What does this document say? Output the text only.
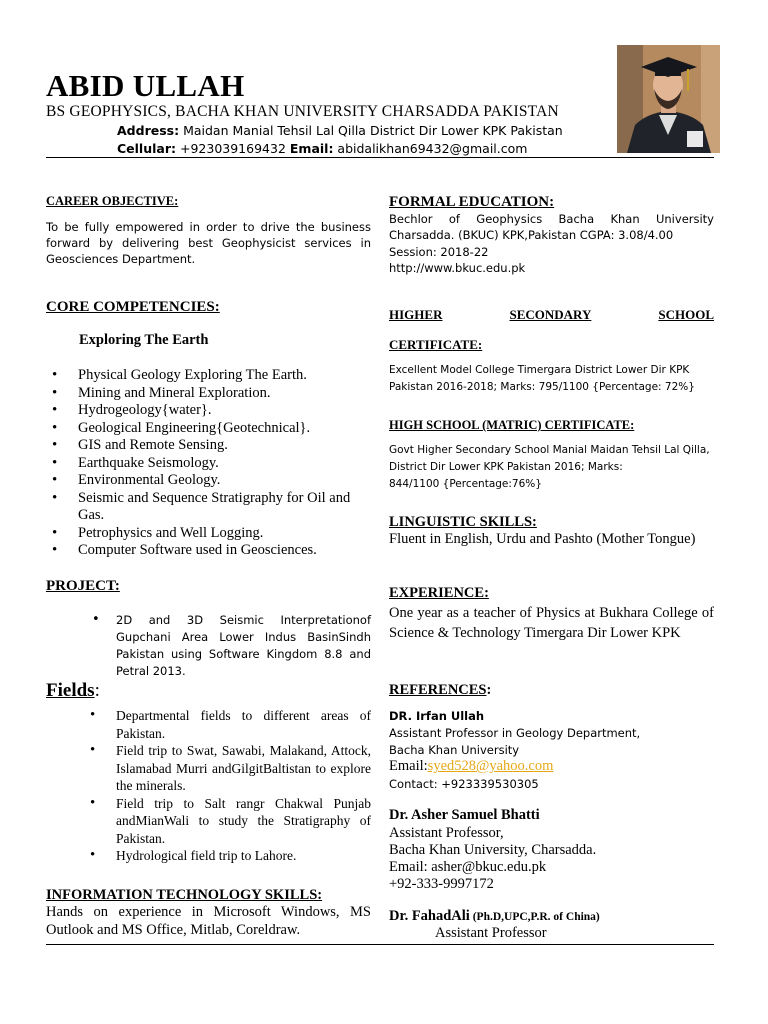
ABID ULLAH
BS GEOPHYSICS, BACHA KHAN UNIVERSITY CHARSADDA PAKISTAN
Address: Maidan Manial Tehsil Lal Qilla District Dir Lower KPK Pakistan
Cellular: +923039169432 Email: abidalikhan69432@gmail.com
CAREER OBJECTIVE:
To be fully empowered in order to drive the business forward by delivering best Geophysicist services in Geosciences Department.
CORE COMPETENCIES:
Exploring The Earth
• Physical Geology Exploring The Earth.
• Mining and Mineral Exploration.
• Hydrogeology{water}.
• Geological Engineering{Geotechnical}.
• GIS and Remote Sensing.
• Earthquake Seismology.
• Environmental Geology.
• Seismic and Sequence Stratigraphy for Oil and Gas.
• Petrophysics and Well Logging.
• Computer Software used in Geosciences.
PROJECT:
• 2D and 3D Seismic Interpretationof Gupchani Area Lower Indus BasinSindh Pakistan using Software Kingdom 8.8 and Petral 2013.
Fields:
• Departmental fields to different areas of Pakistan.
• Field trip to Swat, Sawabi, Malakand, Attock, Islamabad Murri andGilgitBaltistan to explore the minerals.
• Field trip to Salt rangr Chakwal Punjab andMianWali to study the Stratigraphy of Pakistan.
• Hydrological field trip to Lahore.
INFORMATION TECHNOLOGY SKILLS:
Hands on experience in Microsoft Windows, MS Outlook and MS Office, Mitlab, Coreldraw.
FORMAL EDUCATION:
Bechlor of Geophysics Bacha Khan University Charsadda. (BKUC) KPK,Pakistan CGPA: 3.08/4.00
Session: 2018-22
http://www.bkuc.edu.pk
HIGHER	SECONDARY	SCHOOL
CERTIFICATE:
Excellent Model College Timergara District Lower Dir KPK Pakistan 2016-2018; Marks: 795/1100 {Percentage: 72%}
HIGH SCHOOL (MATRIC) CERTIFICATE:
Govt Higher Secondary School Manial Maidan Tehsil Lal Qilla,
District Dir Lower KPK Pakistan 2016; Marks:
844/1100 {Percentage:76%}
LINGUISTIC SKILLS:
Fluent in English, Urdu and Pashto (Mother Tongue)
EXPERIENCE:
One year as a teacher of Physics at Bukhara College of Science & Technology Timergara Dir Lower KPK
REFERENCES:
DR. Irfan Ullah
Assistant Professor in Geology Department,
Bacha Khan University
Email:syed528@yahoo.com
Contact: +923339530305
Dr. Asher Samuel Bhatti
Assistant Professor,
Bacha Khan University, Charsadda.
Email: asher@bkuc.edu.pk
+92-333-9997172
Dr. FahadAli (Ph.D,UPC,P.R. of China)
Assistant Professor
